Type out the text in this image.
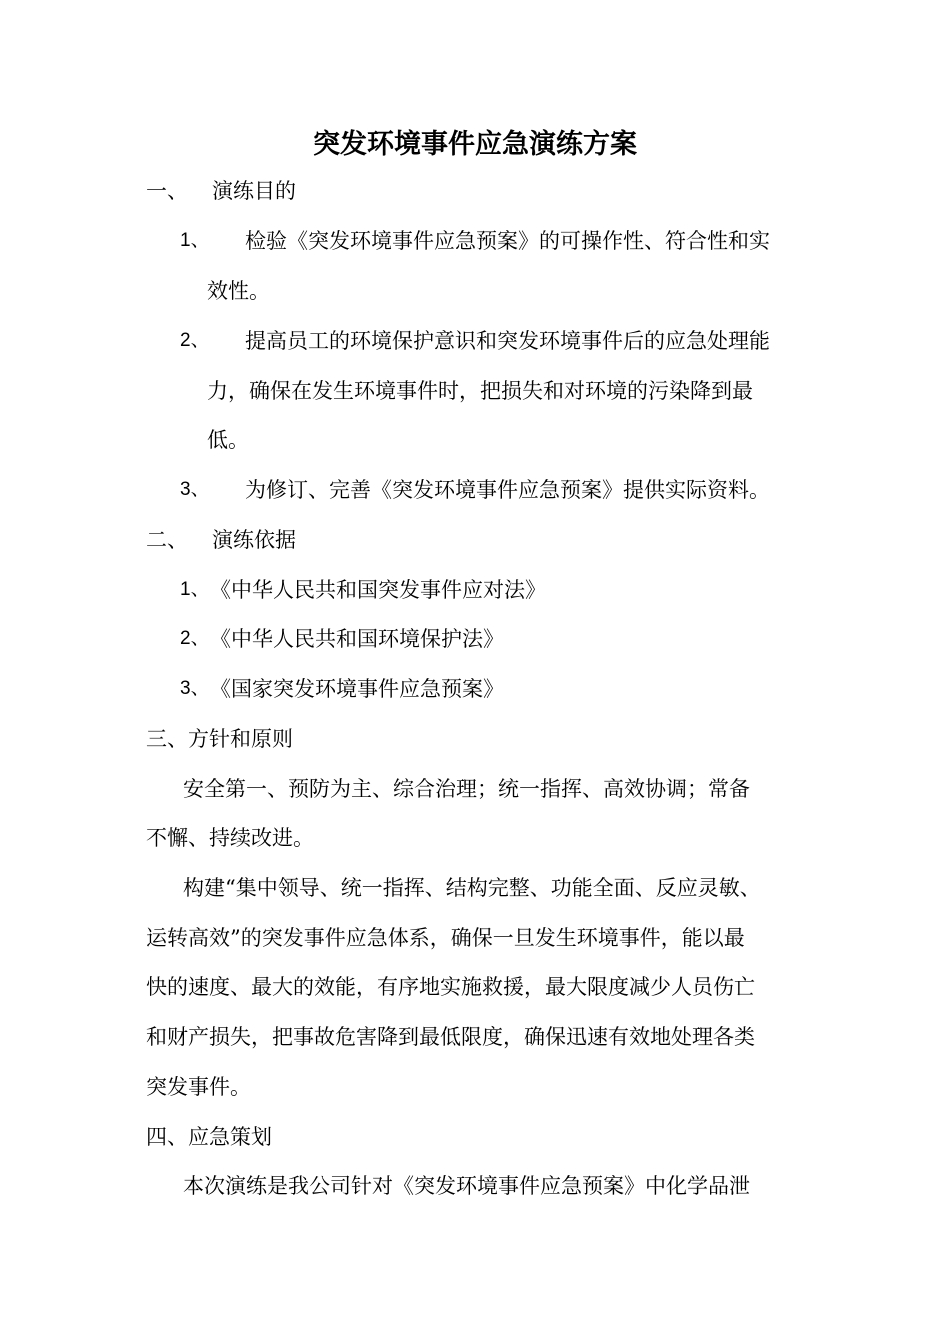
突发环境事件应急演练方案
一、 演练目的
1、 检验《突发环境事件应急预案》的可操作性、符合性和实
效性。
2、 提高员工的环境保护意识和突发环境事件后的应急处理能
力，确保在发生环境事件时，把损失和对环境的污染降到最
低。
3、 为修订、完善《突发环境事件应急预案》提供实际资料。
二、 演练依据
1、 《中华人民共和国突发事件应对法》
2、 《中华人民共和国环境保护法》
3、 《国家突发环境事件应急预案》
三、方针和原则
安全第一、预防为主、综合治理；统一指挥、高效协调；常备
不懈、持续改进。
构建“集中领导、统一指挥、结构完整、功能全面、反应灵敏、
运转高效”的突发事件应急体系，确保一旦发生环境事件，能以最
快的速度、最大的效能，有序地实施救援，最大限度减少人员伤亡
和财产损失，把事故危害降到最低限度，确保迅速有效地处理各类
突发事件。
四、应急策划
本次演练是我公司针对《突发环境事件应急预案》中化学品泄
